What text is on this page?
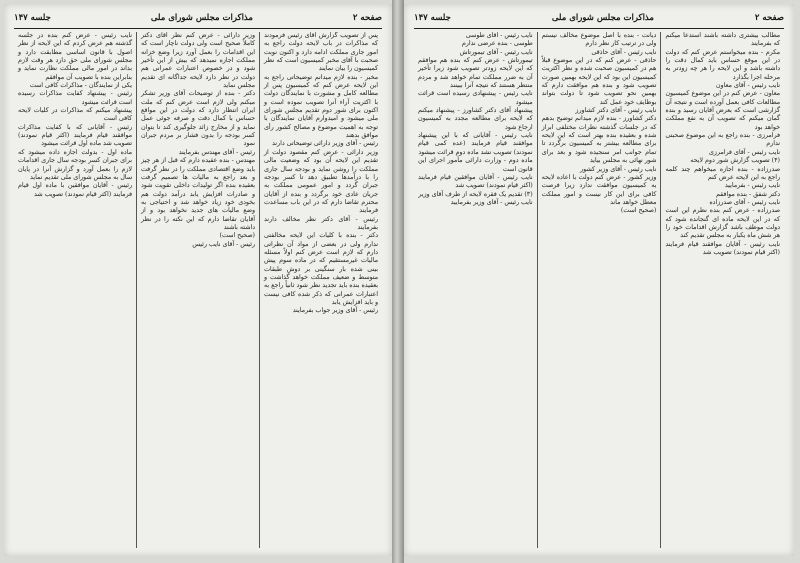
صفحه ۲
مذاکرات مجلس شورای ملی
جلسه ۱۴۷

پس از تصویب گزارش آقای رئیس فرمودند که مذاکرات در باب لایحه دولت راجع به امور جاری مملکت ادامه دارد و اکنون نوبت صحبت با آقای مخبر کمیسیون است که نظر کمیسیون را بیان نمایند

مخبر - بنده لازم میدانم توضیحاتی راجع به این لایحه عرض کنم که کمیسیون پس از مطالعه کامل و مشورت با نمایندگان دولت با اکثریت آراء آنرا تصویب نموده است و اکنون برای شور دوم تقدیم مجلس شورای ملی میشود و امیدوارم آقایان نمایندگان با توجه به اهمیت موضوع و مصالح کشور رأی موافق بدهند

رئیس - آقای وزیر دارائی توضیحاتی دارند

وزیر دارائی - عرض کنم مقصود دولت از تقدیم این لایحه آن بود که وضعیت مالی مملکت را روشن نماید و بودجه سال جاری را با درآمدها تطبیق دهد تا کسر بودجه جبران گردد و امور عمومی مملکت به جریان عادی خود برگردد و بنده از آقایان محترم تقاضا دارم که در این باب مساعدت فرمایند

رئیس - آقای دکتر نظر مخالف دارند بفرمایند

دکتر - بنده با کلیات این لایحه مخالفتی ندارم ولی در بعضی از مواد آن نظراتی دارم که لازم است عرض کنم اولاً مسئله مالیات غیرمستقیم که در ماده سوم پیش بینی شده بار سنگینی بر دوش طبقات متوسط و ضعیف مملکت خواهد گذاشت و بعقیده بنده باید تجدید نظر شود ثانیاً راجع به اعتبارات عمرانی که ذکر شده کافی نیست و باید افزایش یابد

رئیس - آقای وزیر جواب بفرمایند

وزیر دارائی - عرض کنم نظر آقای دکتر کاملاً صحیح است ولی دولت ناچار است که این اقدامات را بعمل آورد زیرا وضع خزانه مملکت اجازه نمیدهد که بیش از این تأخیر شود و در خصوص اعتبارات عمرانی هم دولت در نظر دارد لایحه جداگانه ای تقدیم مجلس نماید

دکتر - بنده از توضیحات آقای وزیر تشکر میکنم ولی لازم است عرض کنم که ملت ایران انتظار دارد که دولت در این مواقع حساس با کمال دقت و صرفه جوئی عمل نماید و از مخارج زائد جلوگیری کند تا بتوان کسر بودجه را بدون فشار بر مردم جبران نمود

رئیس - آقای مهندس بفرمایند

مهندس - بنده عقیده دارم که قبل از هر چیز باید وضع اقتصادی مملکت را در نظر گرفت و بعد راجع به مالیات ها تصمیم گرفت بعقیده بنده اگر تولیدات داخلی تقویت شود و صادرات افزایش یابد درآمد دولت هم بخودی خود زیاد خواهد شد و احتیاجی به وضع مالیات های جدید نخواهد بود و از آقایان تقاضا دارم که این نکته را در نظر داشته باشند

(صحیح است)

رئیس - آقای نایب رئیس

نایب رئیس - عرض کنم بنده در جلسه گذشته هم عرض کردم که این لایحه از نظر اصول با قانون اساسی مطابقت دارد و مجلس شورای ملی حق دارد هر وقت لازم بداند در امور مالی مملکت نظارت نماید و بنابراین بنده با تصویب آن موافقم

یکی از نمایندگان - مذاکرات کافی است

رئیس - پیشنهاد کفایت مذاکرات رسیده است قرائت میشود

پیشنهاد میکنم که مذاکرات در کلیات لایحه کافی است

رئیس - آقایانی که با کفایت مذاکرات موافقند قیام فرمایند (اکثر قیام نمودند) تصویب شد ماده اول قرائت میشود

ماده اول - بدولت اجازه داده میشود که برای جبران کسر بودجه سال جاری اقدامات لازم را بعمل آورد و گزارش آنرا در پایان سال به مجلس شورای ملی تقدیم نماید

رئیس - آقایان موافقین با ماده اول قیام فرمایند (اکثر قیام نمودند) تصویب شد

صفحه ۲
مذاکرات مجلس شورای ملی
جلسه ۱۴۷

مطالب بیشتری داشته باشند استدعا میکنم که بفرمایند

مکرم - بنده میخواستم عرض کنم که دولت در این موقع حساس باید کمال دقت را داشته باشد و این لایحه را هر چه زودتر به مرحله اجرا بگذارد

نایب رئیس - آقای معاون

معاون - عرض کنم در این موضوع کمیسیون مطالعات کافی بعمل آورده است و نتیجه آن گزارشی است که بعرض آقایان رسید و بنده گمان میکنم که تصویب آن به نفع مملکت خواهد بود

فرامرزی - بنده راجع به این موضوع صحبتی ندارم

نایب رئیس - آقای فرامرزی

(۴) تصویب گزارش شور دوم لایحه

صدرزاده - بنده اجازه میخواهم چند کلمه راجع به این لایحه عرض کنم

نایب رئیس - بفرمایید

دکتر شفق - بنده موافقم

نایب رئیس - آقای صدرزاده

صدرزاده - عرض کنم بنده نظرم این است که در این لایحه ماده ای گنجانده شود که دولت موظف باشد گزارش اقدامات خود را هر شش ماه یکبار به مجلس تقدیم کند

نایب رئیس - آقایان موافقند قیام فرمایند (اکثر قیام نمودند) تصویب شد

دیانت - بنده با اصل موضوع مخالف نیستم ولی در ترتیب کار نظر دارم

نایب رئیس - آقای حاذقی

حاذقی - عرض کنم که در این موضوع قبلاً هم در کمیسیون صحبت شده و نظر اکثریت کمیسیون این بود که این لایحه بهمین صورت تصویب شود و بنده هم موافقت دارم که بهمین نحو تصویب شود تا دولت بتواند بوظایف خود عمل کند

نایب رئیس - آقای دکتر کشاورز

دکتر کشاورز - بنده لازم میدانم توضیح بدهم که در جلسات گذشته نظرات مختلفی ابراز شده و بعقیده بنده بهتر است که این لایحه برای مطالعه بیشتر به کمیسیون برگردد تا تمام جوانب امر سنجیده شود و بعد برای شور نهائی به مجلس بیاید

نایب رئیس - آقای وزیر کشور

وزیر کشور - عرض کنم دولت با اعاده لایحه به کمیسیون موافقت ندارد زیرا فرصت کافی برای این کار نیست و امور مملکت معطل خواهد ماند

(صحیح است)

نایب رئیس - آقای طوسی

طوسی - بنده عرضی ندارم

نایب رئیس - آقای تیمورتاش

تیمورتاش - عرض کنم که بنده هم موافقم که این لایحه زودتر تصویب شود زیرا تأخیر آن به ضرر مملکت تمام خواهد شد و مردم منتظر هستند که نتیجه آنرا ببینند

نایب رئیس - پیشنهادی رسیده است قرائت میشود

پیشنهاد آقای دکتر کشاورز - پیشنهاد میکنم که لایحه برای مطالعه مجدد به کمیسیون ارجاع شود

نایب رئیس - آقایانی که با این پیشنهاد موافقند قیام فرمایند (عده کمی قیام نمودند) تصویب نشد ماده دوم قرائت میشود

ماده دوم - وزارت دارائی مأمور اجرای این قانون است

نایب رئیس - آقایان موافقین قیام فرمایند (اکثر قیام نمودند) تصویب شد

(۳) تقدیم یک فقره لایحه از طرف آقای وزیر

نایب رئیس - آقای وزیر بفرمایید
